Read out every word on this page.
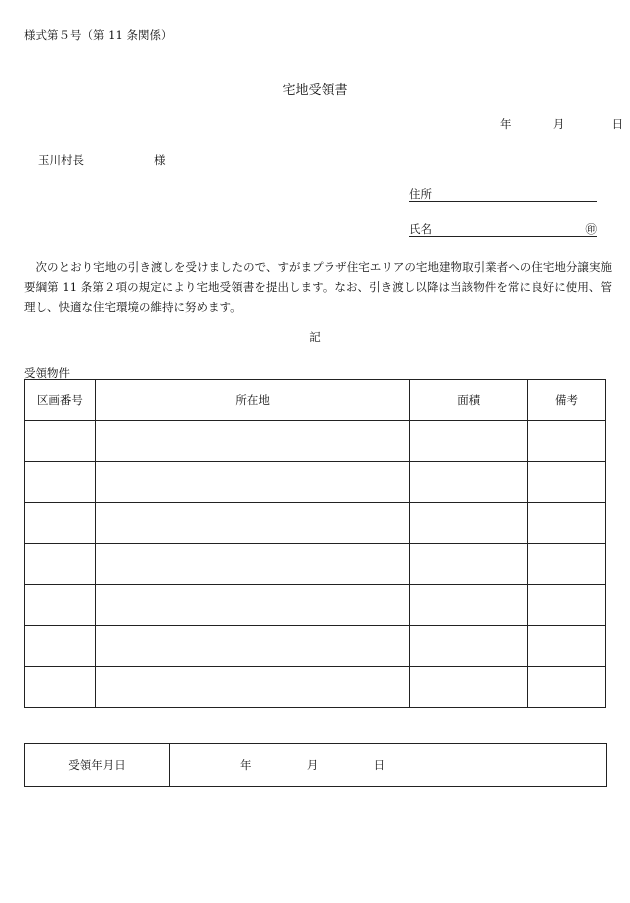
様式第５号（第 11 条関係）
宅地受領書
年	月	日
玉川村長	様
住所
氏名	㊞
次のとおり宅地の引き渡しを受けましたので、すがまプラザ住宅エリアの宅地建物取引業者への住宅地分譲実施要綱第 11 条第２項の規定により宅地受領書を提出します。なお、引き渡し以降は当該物件を常に良好に使用、管理し、快適な住宅環境の維持に努めます。
記
受領物件
区画番号	所在地	面積	備考

受領年月日	年	月	日
